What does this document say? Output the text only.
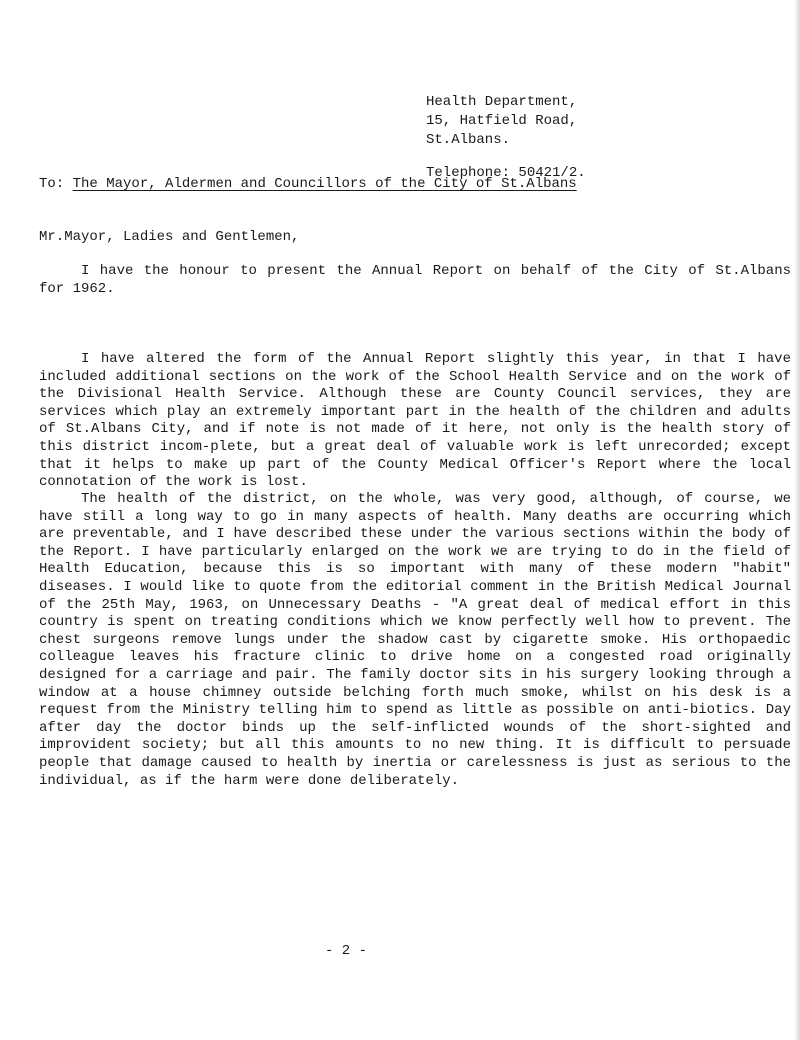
Health Department,
15, Hatfield Road,
St.Albans.
Telephone: 50421/2.
To: The Mayor, Aldermen and Councillors of the City of St.Albans
Mr.Mayor, Ladies and Gentlemen,

I have the honour to present the Annual Report on behalf of the City of St.Albans for 1962.

I have altered the form of the Annual Report slightly this year, in that I have included additional sections on the work of the School Health Service and on the work of the Divisional Health Service. Although these are County Council services, they are services which play an extremely important part in the health of the children and adults of St.Albans City, and if note is not made of it here, not only is the health story of this district incom-plete, but a great deal of valuable work is left unrecorded; except that it helps to make up part of the County Medical Officer's Report where the local connotation of the work is lost.

The health of the district, on the whole, was very good, although, of course, we have still a long way to go in many aspects of health. Many deaths are occurring which are preventable, and I have described these under the various sections within the body of the Report. I have particularly enlarged on the work we are trying to do in the field of Health Education, because this is so important with many of these modern "habit" diseases. I would like to quote from the editorial comment in the British Medical Journal of the 25th May, 1963, on Unnecessary Deaths - "A great deal of medical effort in this country is spent on treating conditions which we know perfectly well how to prevent. The chest surgeons remove lungs under the shadow cast by cigarette smoke. His orthopaedic colleague leaves his fracture clinic to drive home on a congested road originally designed for a carriage and pair. The family doctor sits in his surgery looking through a window at a house chimney outside belching forth much smoke, whilst on his desk is a request from the Ministry telling him to spend as little as possible on anti-biotics. Day after day the doctor binds up the self-inflicted wounds of the short-sighted and improvident society; but all this amounts to no new thing. It is difficult to persuade people that damage caused to health by inertia or carelessness is just as serious to the individual, as if the harm were done deliberately.

- 2 -
